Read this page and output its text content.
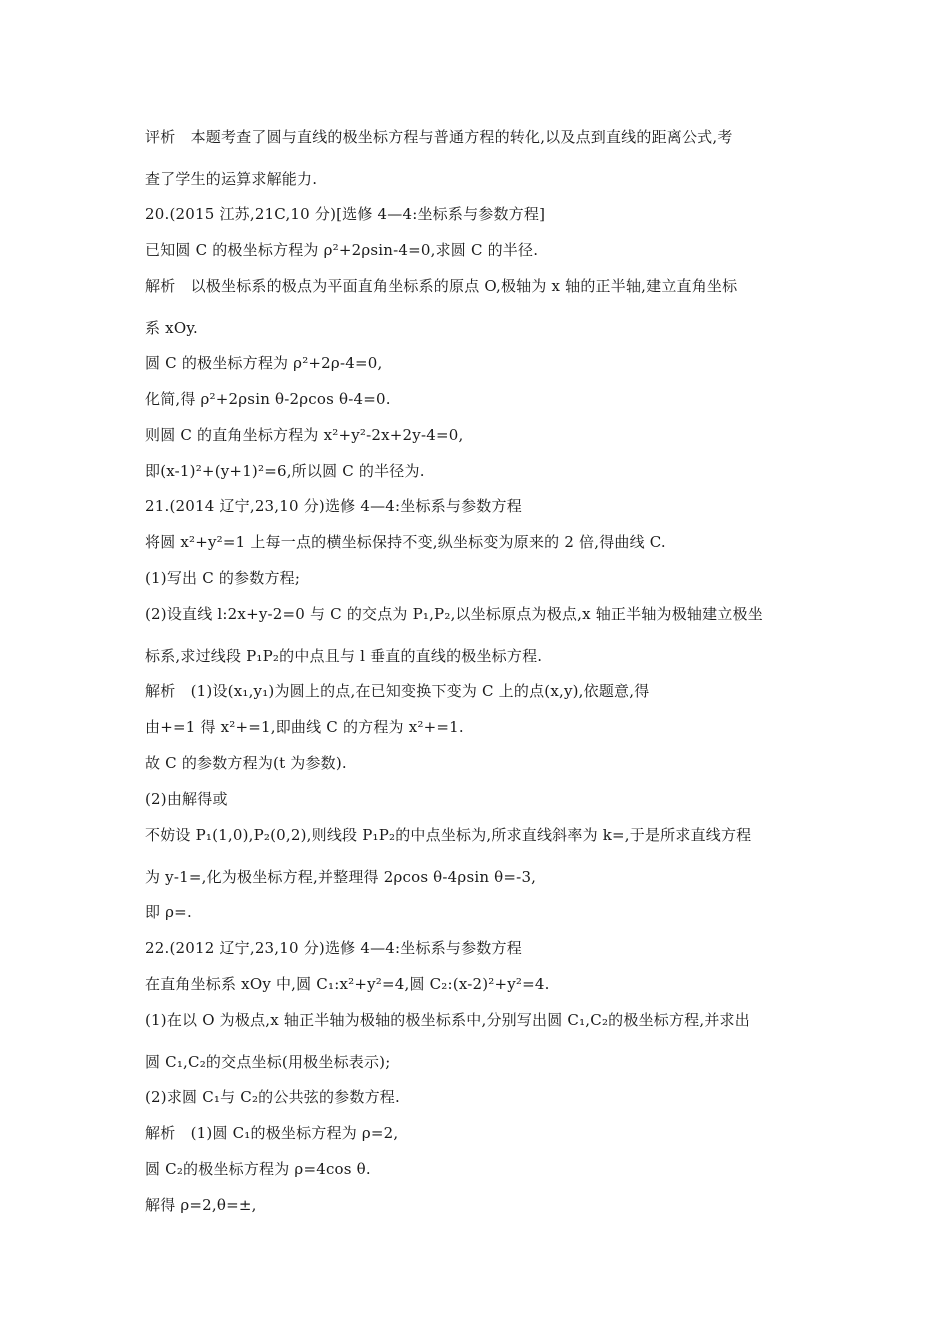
评析　本题考查了圆与直线的极坐标方程与普通方程的转化,以及点到直线的距离公式,考
查了学生的运算求解能力.
20.(2015 江苏,21C,10 分)[选修 4—4:坐标系与参数方程]
已知圆 C 的极坐标方程为 ρ²+2ρsin-4=0,求圆 C 的半径.
解析　以极坐标系的极点为平面直角坐标系的原点 O,极轴为 x 轴的正半轴,建立直角坐标
系 xOy.
圆 C 的极坐标方程为 ρ²+2ρ-4=0,
化简,得 ρ²+2ρsin θ-2ρcos θ-4=0.
则圆 C 的直角坐标方程为 x²+y²-2x+2y-4=0,
即(x-1)²+(y+1)²=6,所以圆 C 的半径为.
21.(2014 辽宁,23,10 分)选修 4—4:坐标系与参数方程
将圆 x²+y²=1 上每一点的横坐标保持不变,纵坐标变为原来的 2 倍,得曲线 C.
(1)写出 C 的参数方程;
(2)设直线 l:2x+y-2=0 与 C 的交点为 P₁,P₂,以坐标原点为极点,x 轴正半轴为极轴建立极坐
标系,求过线段 P₁P₂的中点且与 l 垂直的直线的极坐标方程.
解析　(1)设(x₁,y₁)为圆上的点,在已知变换下变为 C 上的点(x,y),依题意,得
由+=1 得 x²+=1,即曲线 C 的方程为 x²+=1.
故 C 的参数方程为(t 为参数).
(2)由解得或
不妨设 P₁(1,0),P₂(0,2),则线段 P₁P₂的中点坐标为,所求直线斜率为 k=,于是所求直线方程
为 y-1=,化为极坐标方程,并整理得 2ρcos θ-4ρsin θ=-3,
即 ρ=.
22.(2012 辽宁,23,10 分)选修 4—4:坐标系与参数方程
在直角坐标系 xOy 中,圆 C₁:x²+y²=4,圆 C₂:(x-2)²+y²=4.
(1)在以 O 为极点,x 轴正半轴为极轴的极坐标系中,分别写出圆 C₁,C₂的极坐标方程,并求出
圆 C₁,C₂的交点坐标(用极坐标表示);
(2)求圆 C₁与 C₂的公共弦的参数方程.
解析　(1)圆 C₁的极坐标方程为 ρ=2,
圆 C₂的极坐标方程为 ρ=4cos θ.
解得 ρ=2,θ=±,
